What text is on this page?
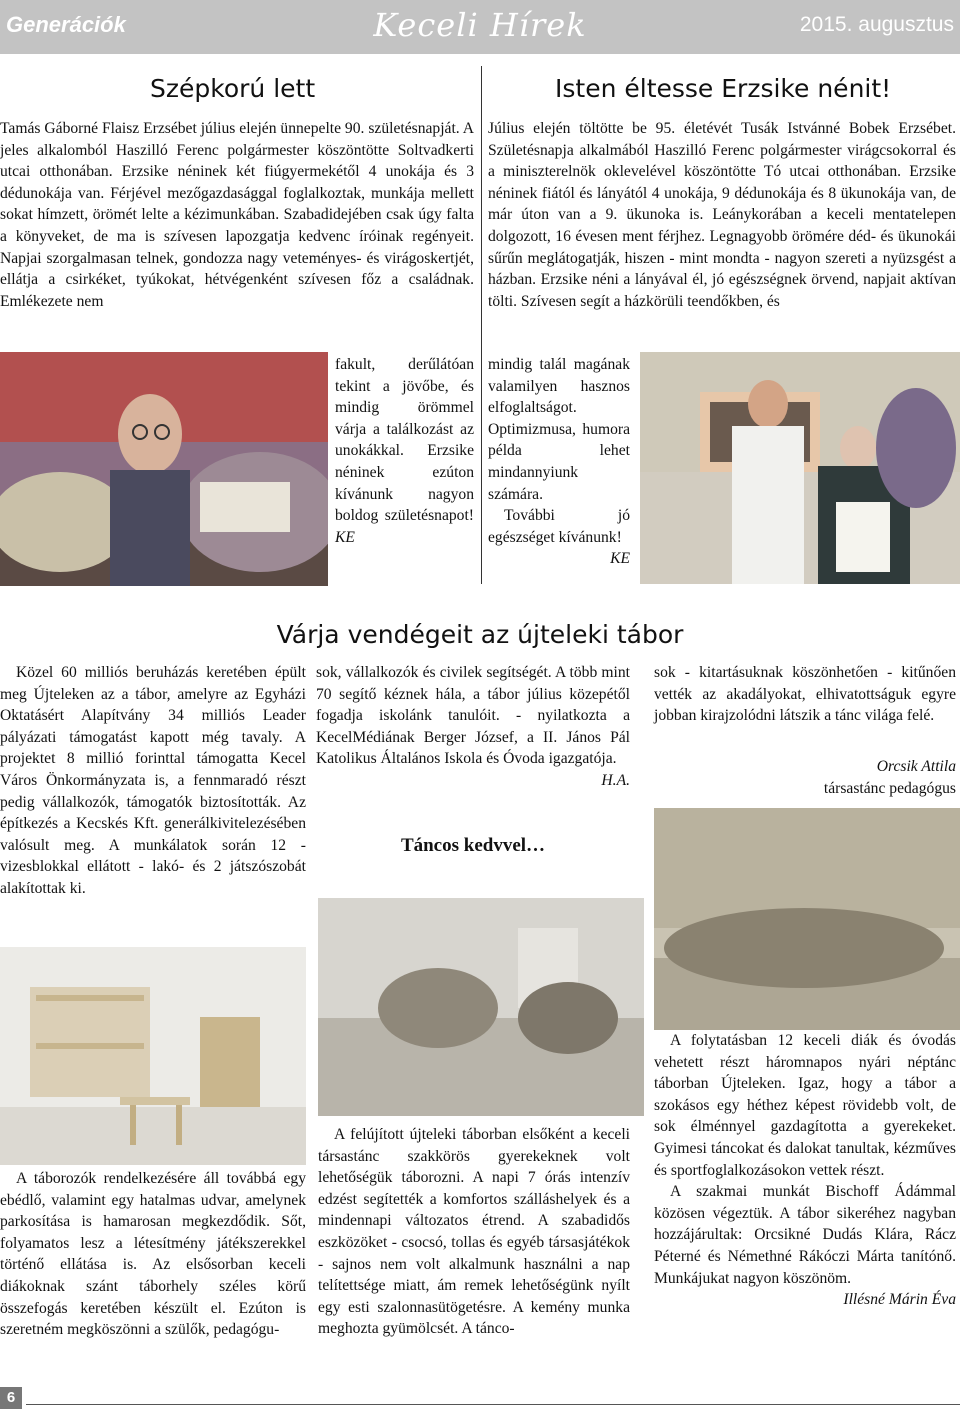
Generációk	Keceli Hírek	2015. augusztus
Szépkorú lett

Tamás Gáborné Flaisz Erzsébet július elején ünnepelte 90. születésnapját. A jeles alkalomból Haszilló Ferenc polgármester köszöntötte Soltvadkerti utcai otthonában. Erzsike néninek két fiúgyermekétől 4 unokája és 3 dédunokája van. Férjével mezőgazdasággal foglalkoztak, munkája mellett sokat hímzett, örömét lelte a kézimunkában. Szabadidejében csak úgy falta a könyveket, de ma is szívesen lapozgatja kedvenc íróinak regényeit. Napjai szorgalmasan telnek, gondozza nagy veteményes- és virágoskertjét, ellátja a csirkéket, tyúkokat, hétvégenként szívesen főz a családnak. Emlékezete nem

fakult, derűlátóan tekint a jövőbe, és mindig örömmel várja a találkozást az unokákkal. Erzsike néninek ezúton kívánunk nagyon boldog születésnapot! KE

Isten éltesse Erzsike nénit!

Július elején töltötte be 95. életévét Tusák Istvánné Bobek Erzsébet. Születésnapja alkalmából Haszilló Ferenc polgármester virágcsokorral és a miniszterelnök oklevelével köszöntötte Tó utcai otthonában. Erzsike néninek fiától és lányától 4 unokája, 9 dédunokája és 8 ükunokája van, de már úton van a 9. ükunoka is. Leánykorában a keceli mentatelepen dolgozott, 16 évesen ment férjhez. Legnagyobb örömére déd- és ükunokái sűrűn meglátogatják, hiszen - mint mondta - nagyon szereti a nyüzsgést a házban. Erzsike néni a lányával él, jó egészségnek örvend, napjait aktívan tölti. Szívesen segít a házkörüli teendőkben, és

mindig talál magának valamilyen hasznos elfoglaltságot. Optimizmusa, humora példa lehet mindannyiunk számára.

További jó egészséget kívánunk!

KE

Várja vendégeit az újteleki tábor

Közel 60 milliós beruházás keretében épült meg Újteleken az a tábor, amelyre az Egyházi Oktatásért Alapítvány 34 milliós Leader pályázati támogatást kapott még tavaly. A projektet 8 millió forinttal támogatta Kecel Város Önkormányzata is, a fennmaradó részt pedig vállalkozók, támogatók biztosították. Az építkezés a Kecskés Kft. generálkivitelezésében valósult meg. A munkálatok során 12 - vizesblokkal ellátott - lakó- és 2 játszószobát alakítottak ki.

sok, vállalkozók és civilek segítségét. A több mint 70 segítő kéznek hála, a tábor július közepétől fogadja iskolánk tanulóit. - nyilatkozta a KecelMédiának Berger József, a II. János Pál Katolikus Általános Iskola és Óvoda igazgatója.

H.A.

A táborozók rendelkezésére áll továbbá egy ebédlő, valamint egy hatalmas udvar, amelynek parkosítása is hamarosan megkezdődik. Sőt, folyamatos lesz a létesítmény játékszerekkel történő ellátása is. Az elsősorban keceli diákoknak szánt táborhely széles körű összefogás keretében készült el. Ezúton is szeretném megköszönni a szülők, pedagógu-

sok - kitartásuknak köszönhetően - kitűnően vették az akadályokat, elhivatottságuk egyre jobban kirajzolódni látszik a tánc világa felé.

Orcsik Attila
társastánc pedagógus
Táncos kedvvel…

A felújított újteleki táborban elsőként a keceli társastánc szakkörös gyerekeknek volt lehetőségük táborozni. A napi 7 órás intenzív edzést segítették a komfortos szálláshelyek és a mindennapi változatos étrend. A szabadidős eszközöket - csocsó, tollas és egyéb társasjátékok - sajnos nem volt alkalmunk használni a nap telítettsége miatt, ám remek lehetőségünk nyílt egy esti szalonnasütögetésre. A kemény munka meghozta gyümölcsét. A tánco-

A folytatásban 12 keceli diák és óvodás vehetett részt háromnapos nyári néptánc táborban Újteleken. Igaz, hogy a tábor a szokásos egy héthez képest rövidebb volt, de sok élménnyel gazdagította a gyerekeket. Gyimesi táncokat és dalokat tanultak, kézműves és sportfoglalkozásokon vettek részt.

A szakmai munkát Bischoff Ádámmal közösen végeztük. A tábor sikeréhez nagyban hozzájárultak: Orcsikné Dudás Klára, Rácz Péterné és Némethné Rákóczi Márta tanítónő. Munkájukat nagyon köszönöm.

Illésné Márin Éva

6
